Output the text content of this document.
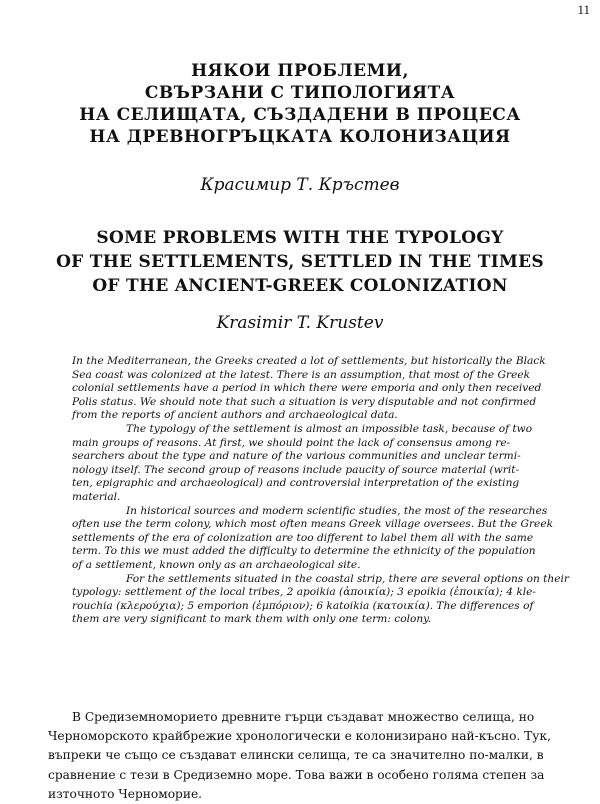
11
НЯКОИ ПРОБЛЕМИ,
СВЪРЗАНИ С ТИПОЛОГИЯТА
НА СЕЛИЩАТА, СЪЗДАДЕНИ В ПРОЦЕСА
НА ДРЕВНОГРЪЦКАТА КОЛОНИЗАЦИЯ
Красимир Т. Кръстев
SOME PROBLEMS WITH THE TYPOLOGY
OF THE SETTLEMENTS, SETTLED IN THE TIMES
OF THE ANCIENT-GREEK COLONIZATION
Krasimir T. Krustev
In the Mediterranean, the Greeks created a lot of settlements, but historically the Black
Sea coast was colonized at the latest. There is an assumption, that most of the Greek
colonial settlements have a period in which there were emporia and only then received
Polis status. We should note that such a situation is very disputable and not confirmed
from the reports of ancient authors and archaeological data.
The typology of the settlement is almost an impossible task, because of two
main groups of reasons. At first, we should point the lack of consensus among re-
searchers about the type and nature of the various communities and unclear termi-
nology itself. The second group of reasons include paucity of source material (writ-
ten, epigraphic and archaeological) and controversial interpretation of the existing
material.
In historical sources and modern scientific studies, the most of the researches
often use the term colony, which most often means Greek village oversees. But the Greek
settlements of the era of colonization are too different to label them all with the same
term. To this we must added the difficulty to determine the ethnicity of the population
of a settlement, known only as an archaeological site.
For the settlements situated in the coastal strip, there are several options on their
typology: settlement of the local tribes, 2 apoikia (ἀποικία); 3 epoikia (ἐποικία); 4 kle-
rouchia (κλερούχια); 5 emporion (ἐμπόριον); 6 katoikia (κατοικία). The differences of
them are very significant to mark them with only one term: colony.
В Средиземноморието древните гърци създават множество селища, но
Черноморското крайбрежие хронологически е колонизирано най-късно. Тук,
въпреки че също се създават елински селища, те са значително по-малки, в
сравнение с тези в Средиземно море. Това важи в особено голяма степен за
източното Черноморие.
